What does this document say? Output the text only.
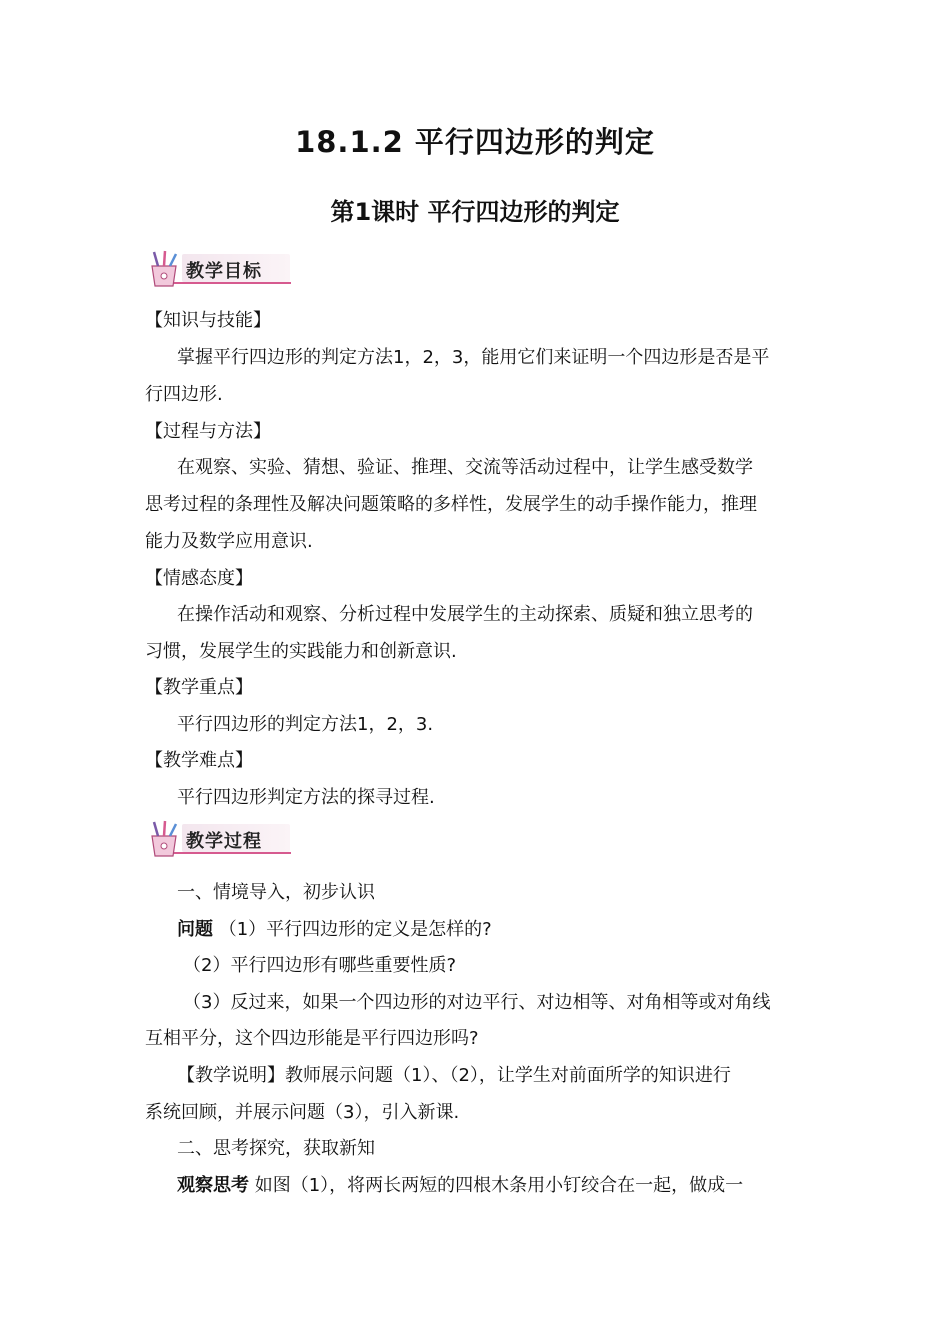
18.1.2 平行四边形的判定
第1课时 平行四边形的判定
教学目标
【知识与技能】
掌握平行四边形的判定方法1，2，3，能用它们来证明一个四边形是否是平
行四边形.
【过程与方法】
在观察、实验、猜想、验证、推理、交流等活动过程中，让学生感受数学
思考过程的条理性及解决问题策略的多样性，发展学生的动手操作能力，推理
能力及数学应用意识.
【情感态度】
在操作活动和观察、分析过程中发展学生的主动探索、质疑和独立思考的
习惯，发展学生的实践能力和创新意识.
【教学重点】
平行四边形的判定方法1，2，3.
【教学难点】
平行四边形判定方法的探寻过程.
教学过程
一、情境导入，初步认识
问题 （1）平行四边形的定义是怎样的?
（2）平行四边形有哪些重要性质?
（3）反过来，如果一个四边形的对边平行、对边相等、对角相等或对角线
互相平分，这个四边形能是平行四边形吗?
【教学说明】教师展示问题（1）、（2），让学生对前面所学的知识进行
系统回顾，并展示问题（3），引入新课.
二、思考探究，获取新知
观察思考 如图（1），将两长两短的四根木条用小钉绞合在一起，做成一
